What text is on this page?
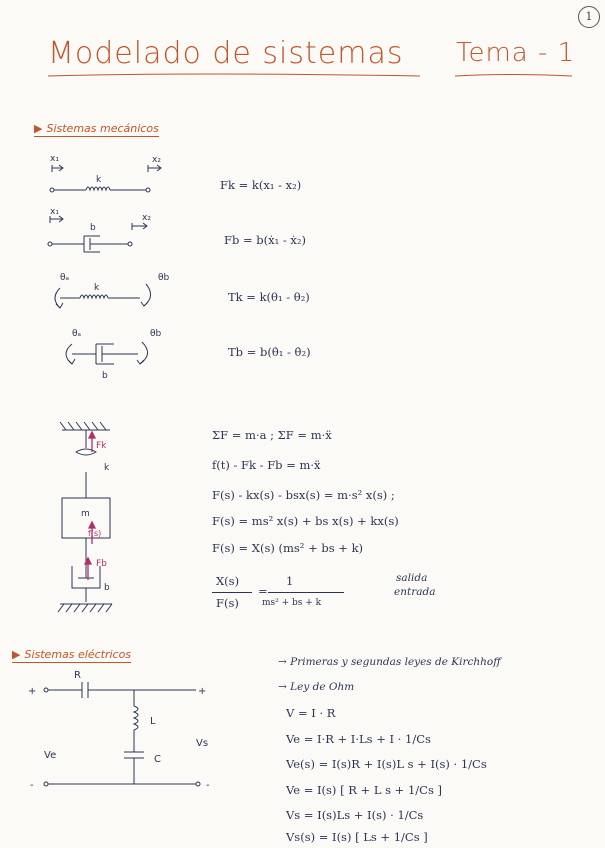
1
Modelado de sistemas Tema - 1
▶ Sistemas mecánicos
x₁	x₂
k
x₁
x₂
b
θₐ	θb
k
θₐ	θb
b
Fk
k
m
f(s)
Fb
b
Fk = k(x₁ - x₂)
Fb = b(ẋ₁ - ẋ₂)
Tk = k(θ₁ - θ₂)
Tb = b(θ̇₁ - θ̇₂)
ΣF = m·a ; ΣF = m·ẍ
f(t) - Fk - Fb = m·ẍ
F(s) - kx(s) - bsx(s) = m·s² x(s) ;
F(s) = ms² x(s) + bs x(s) + kx(s)
F(s) = X(s) (ms² + bs + k)
X(s)
F(s)
=
1
ms² + bs + k
salida
entrada
▶ Sistemas eléctricos
→ Primeras y segundas leyes de Kirchhoff
→ Ley de Ohm
+	+
-	-
R
L
C
Ve
Vs
V = I · R
Ve = I·R + I·Ls + I · 1/Cs
Ve(s) = I(s)R + I(s)L s + I(s) · 1/Cs
Ve = I(s) [ R + L s + 1/Cs ]
Vs = I(s)Ls + I(s) · 1/Cs
Vs(s) = I(s) [ Ls + 1/Cs ]
